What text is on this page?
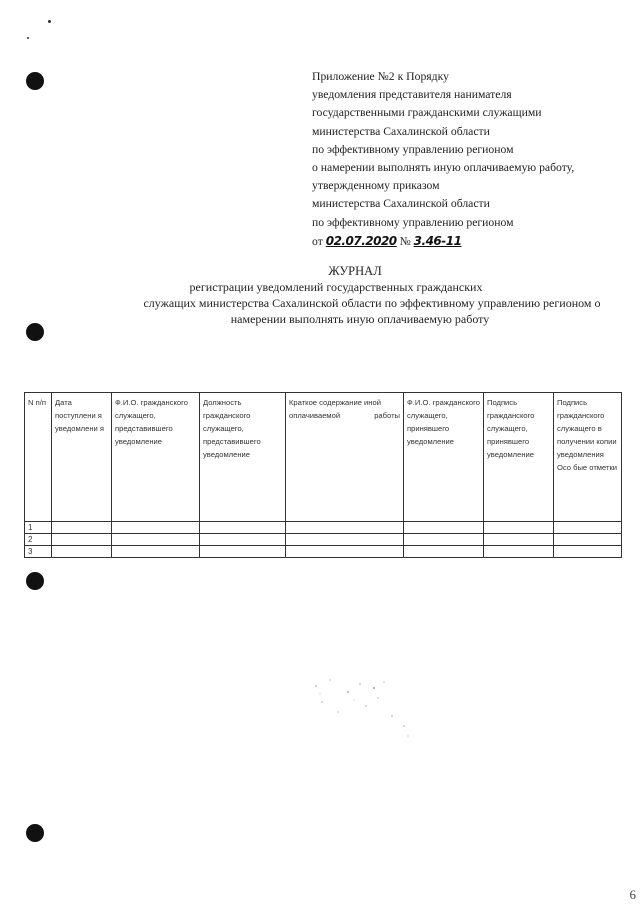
Приложение №2 к Порядку
уведомления представителя нанимателя
государственными гражданскими служащими
министерства Сахалинской области
по эффективному управлению регионом
о намерении выполнять иную оплачиваемую работу,
утвержденному приказом
министерства Сахалинской области
по эффективному управлению регионом
от 02.07.2020 № 3.46-11
ЖУРНАЛ
регистрации уведомлений государственных гражданских
служащих министерства Сахалинской области по эффективному управлению регионом о
намерении выполнять иную оплачиваемую работу
N п/п	Дата поступлени я уведомлени я	Ф.И.О. гражданского служащего, представившего уведомление	Должность гражданского служащего, представившего уведомление	Краткое содержание иной оплачиваемой работы	Ф.И.О. гражданского служащего, принявшего уведомление	Подпись гражданского служащего, принявшего уведомление	Подпись гражданского служащего в получении копии уведомления Осо бые отметки
1							
2							
3							
6
